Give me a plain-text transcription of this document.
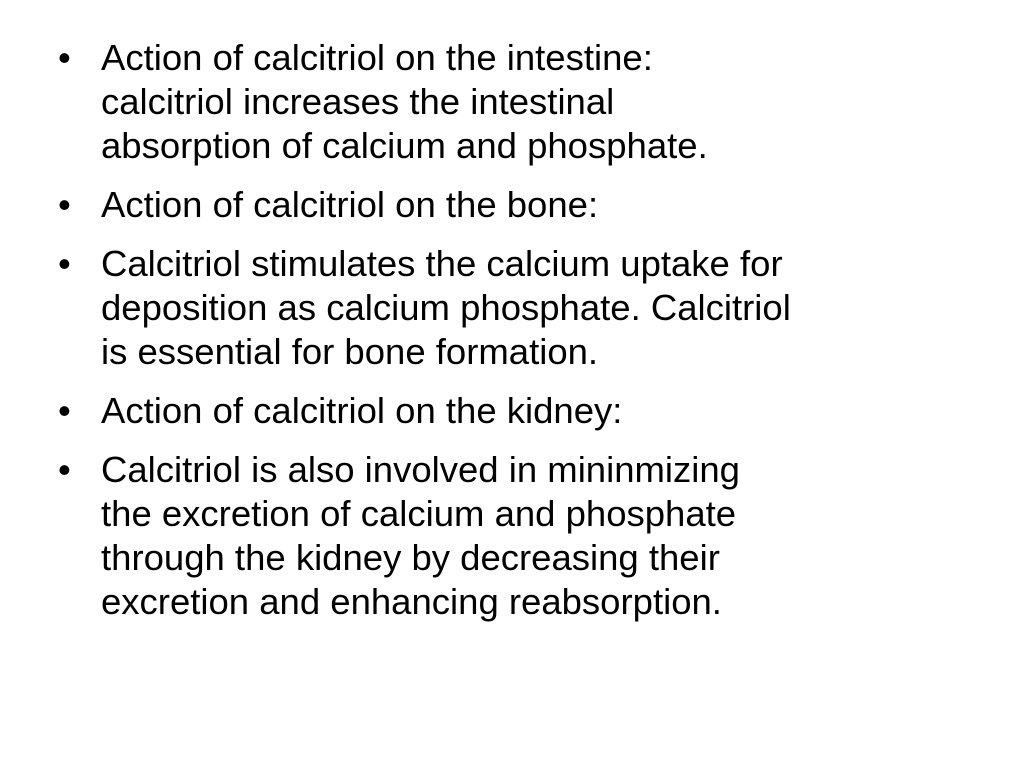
• Action of calcitriol on the intestine:
calcitriol increases the intestinal
absorption of calcium and phosphate.
• Action of calcitriol on the bone:
• Calcitriol stimulates the calcium uptake for
deposition as calcium phosphate. Calcitriol
is essential for bone formation.
• Action of calcitriol on the kidney:
• Calcitriol is also involved in mininmizing
the excretion of calcium and phosphate
through the kidney by decreasing their
excretion and enhancing reabsorption.
